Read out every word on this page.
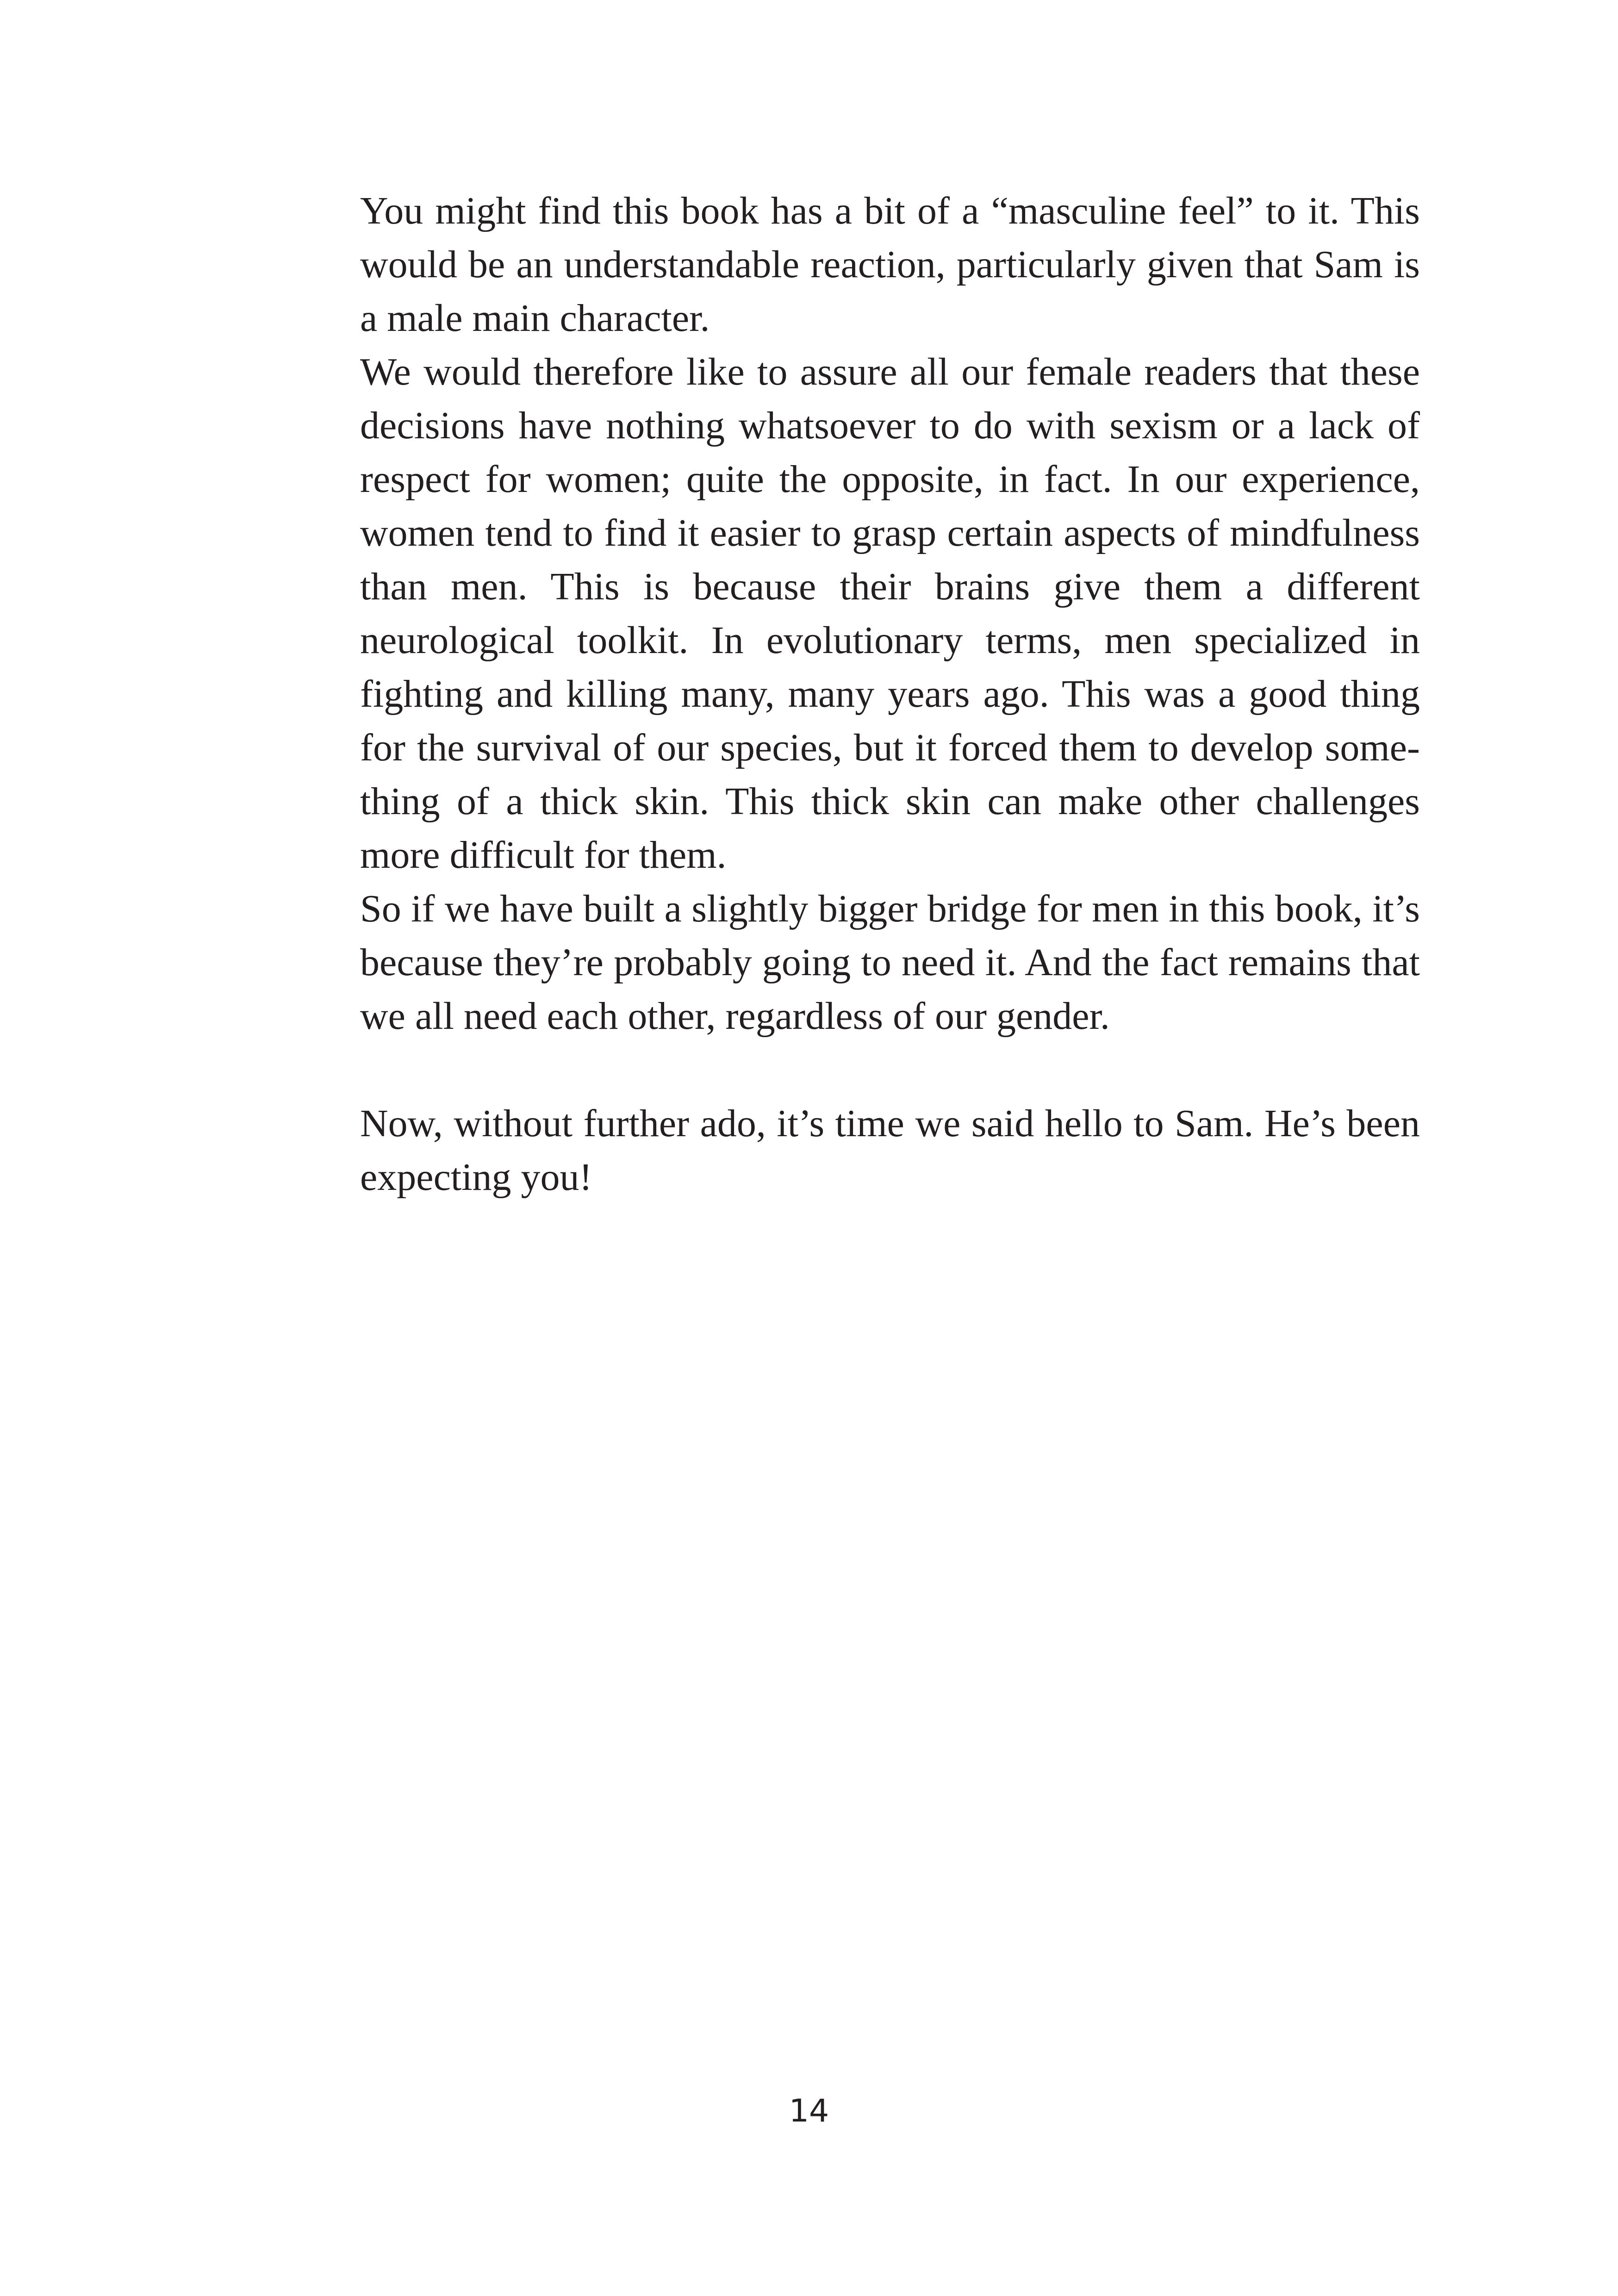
You might find this book has a bit of a “masculine feel” to it. This would be an understandable reaction, particularly given that Sam is a male main character.

We would therefore like to assure all our female readers that these decisions have nothing whatsoever to do with sexism or a lack of respect for women; quite the opposite, in fact. In our experience, women tend to find it easier to grasp certain aspects of mindfulness than men. This is because their brains give them a different neurological toolkit. In evolutionary terms, men specialized in fighting and killing many, many years ago. This was a good thing for the survival of our species, but it forced them to develop something of a thick skin. This thick skin can make other challenges more difficult for them.

So if we have built a slightly bigger bridge for men in this book, it’s because they’re probably going to need it. And the fact remains that we all need each other, regardless of our gender.

Now, without further ado, it’s time we said hello to Sam. He’s been expecting you!

14
